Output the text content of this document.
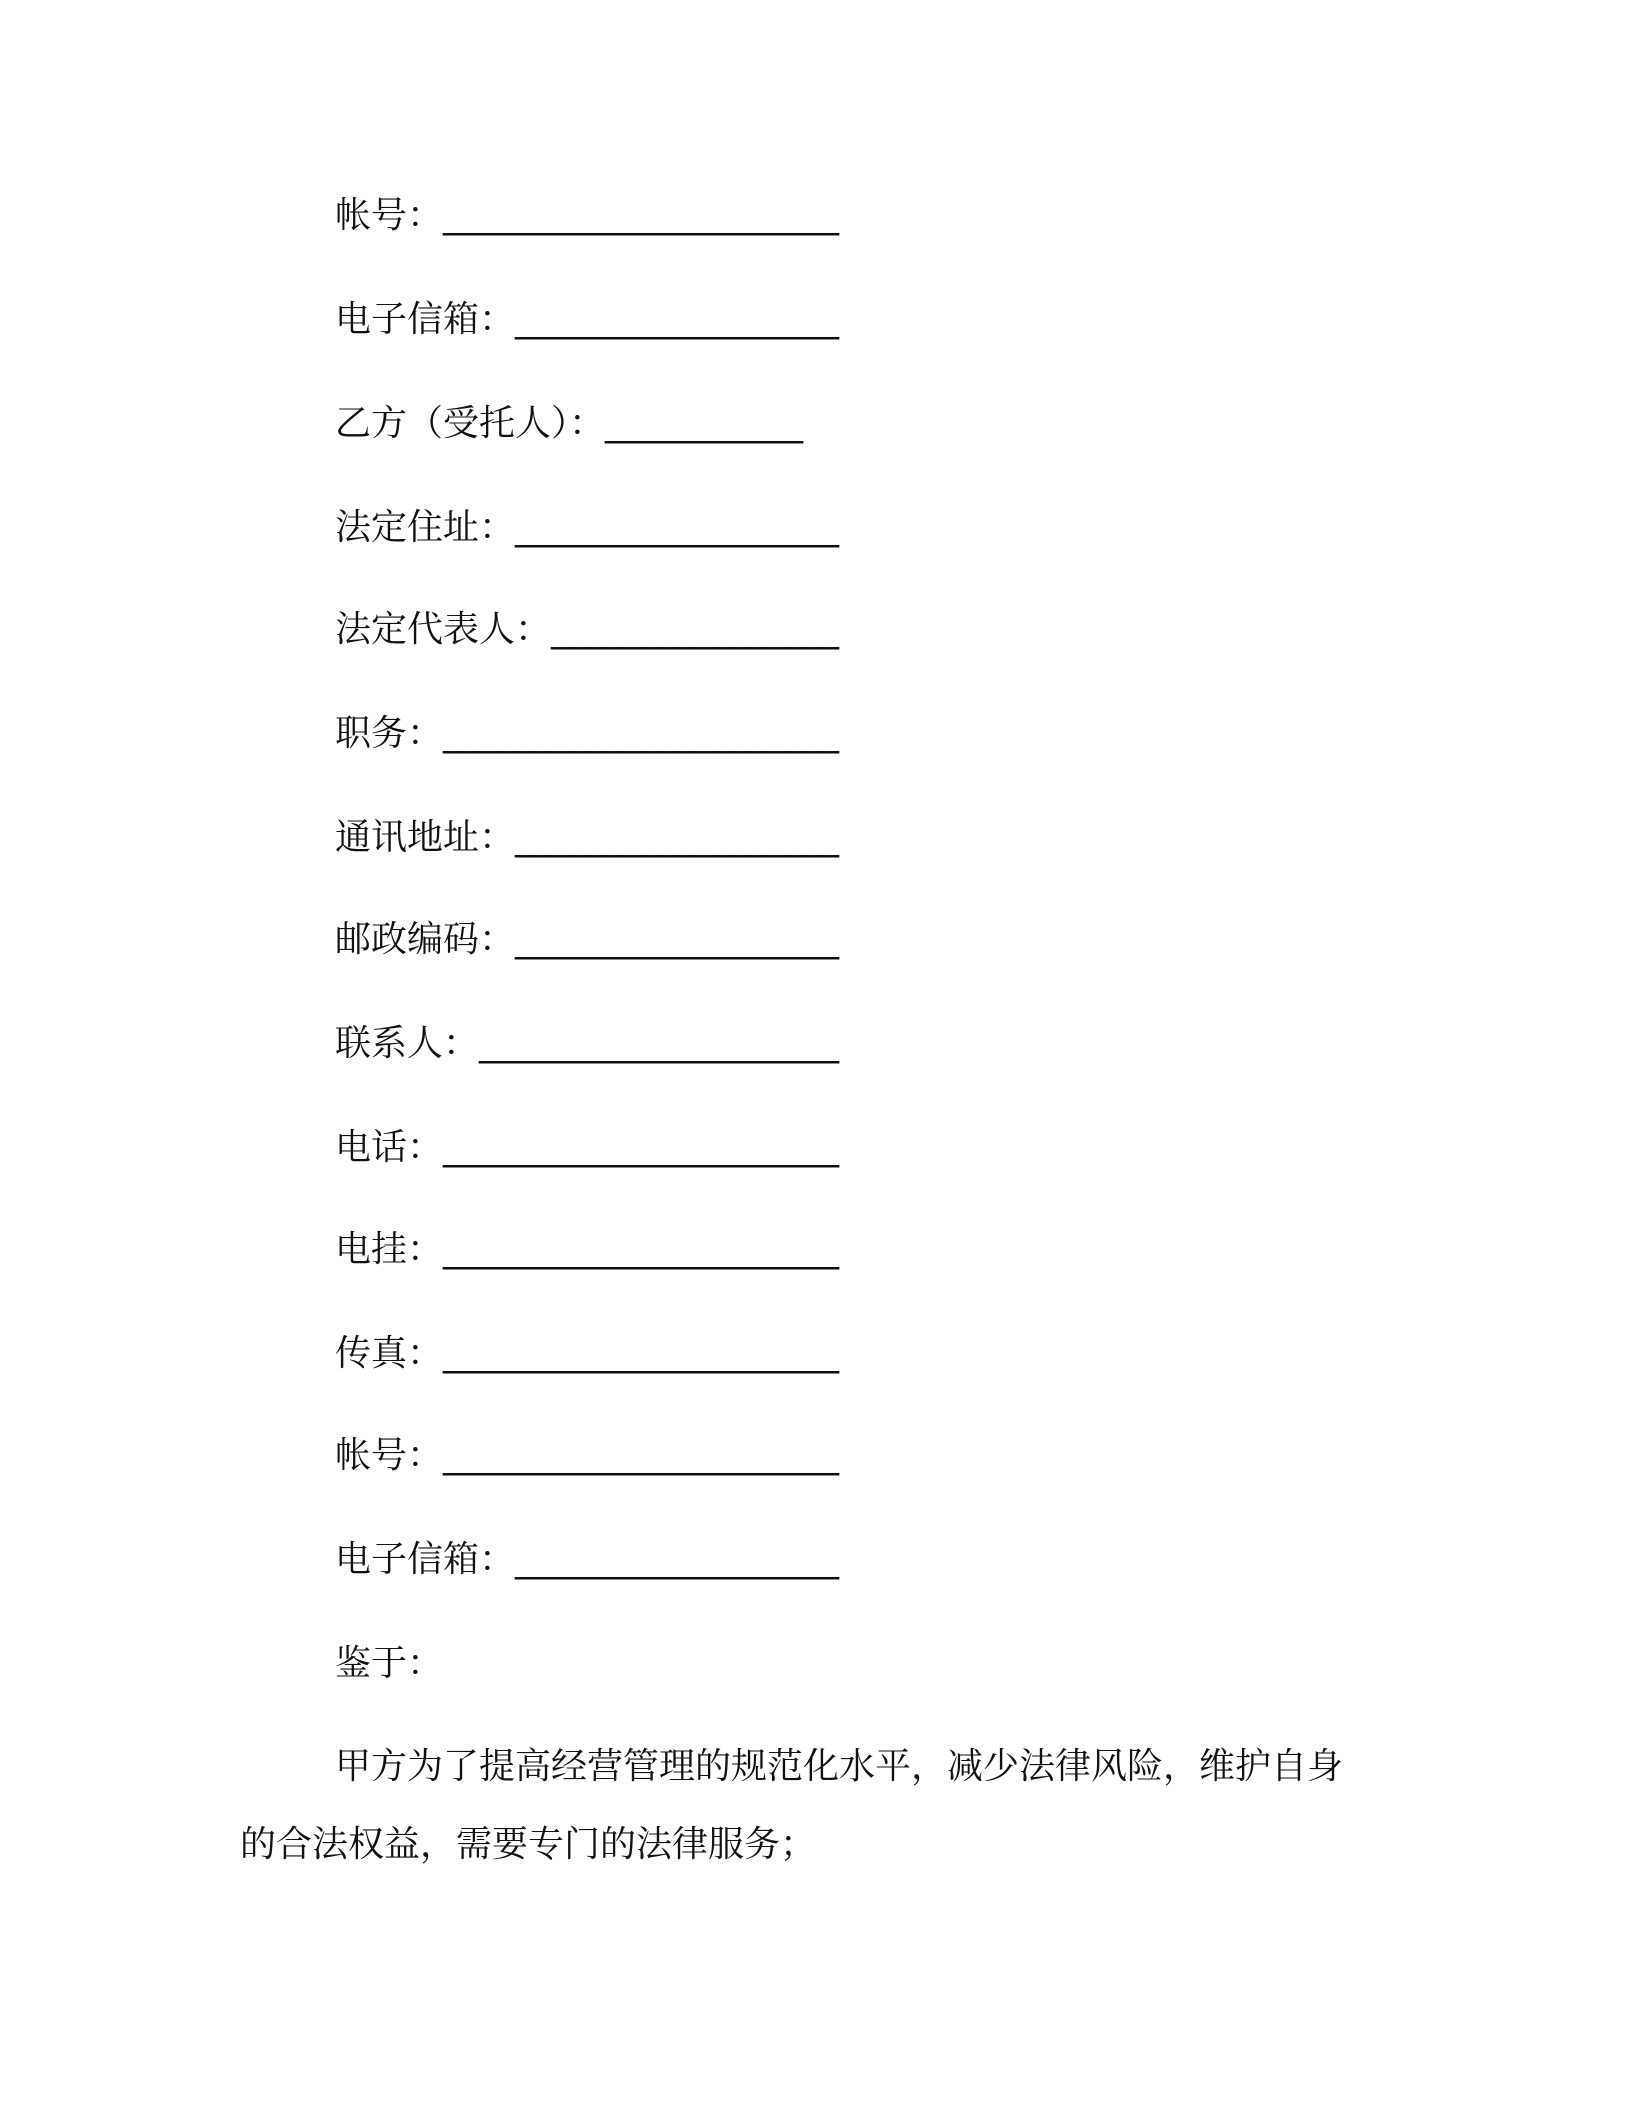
帐号：______________________
电子信箱：__________________
乙方（受托人）：___________
法定住址：__________________
法定代表人：________________
职务：______________________
通讯地址：__________________
邮政编码：__________________
联系人：____________________
电话：______________________
电挂：______________________
传真：______________________
帐号：______________________
电子信箱：__________________
鉴于：
甲方为了提高经营管理的规范化水平，减少法律风险，维护自身
的合法权益，需要专门的法律服务；
